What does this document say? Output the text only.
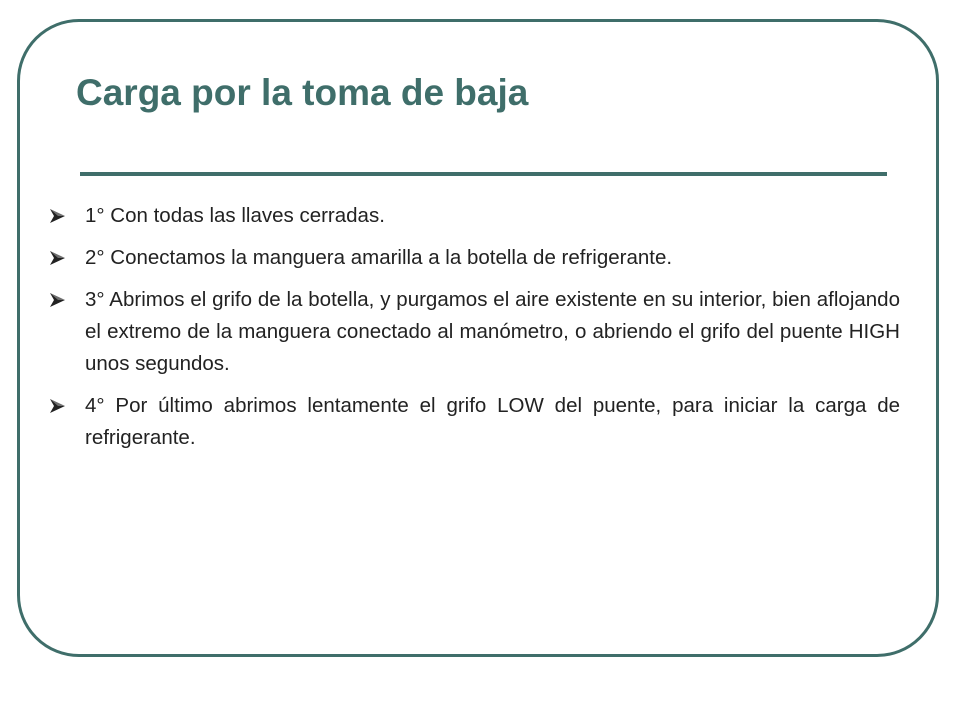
Carga por la toma de baja
1° Con todas las llaves cerradas.
2° Conectamos la manguera amarilla a la botella de refrigerante.
3° Abrimos el grifo de la botella, y purgamos el aire existente en su interior, bien aflojando el extremo de la manguera conectado al manómetro, o abriendo el grifo del puente HIGH unos segundos.
4° Por último abrimos lentamente el grifo LOW del puente, para iniciar la carga de refrigerante.
